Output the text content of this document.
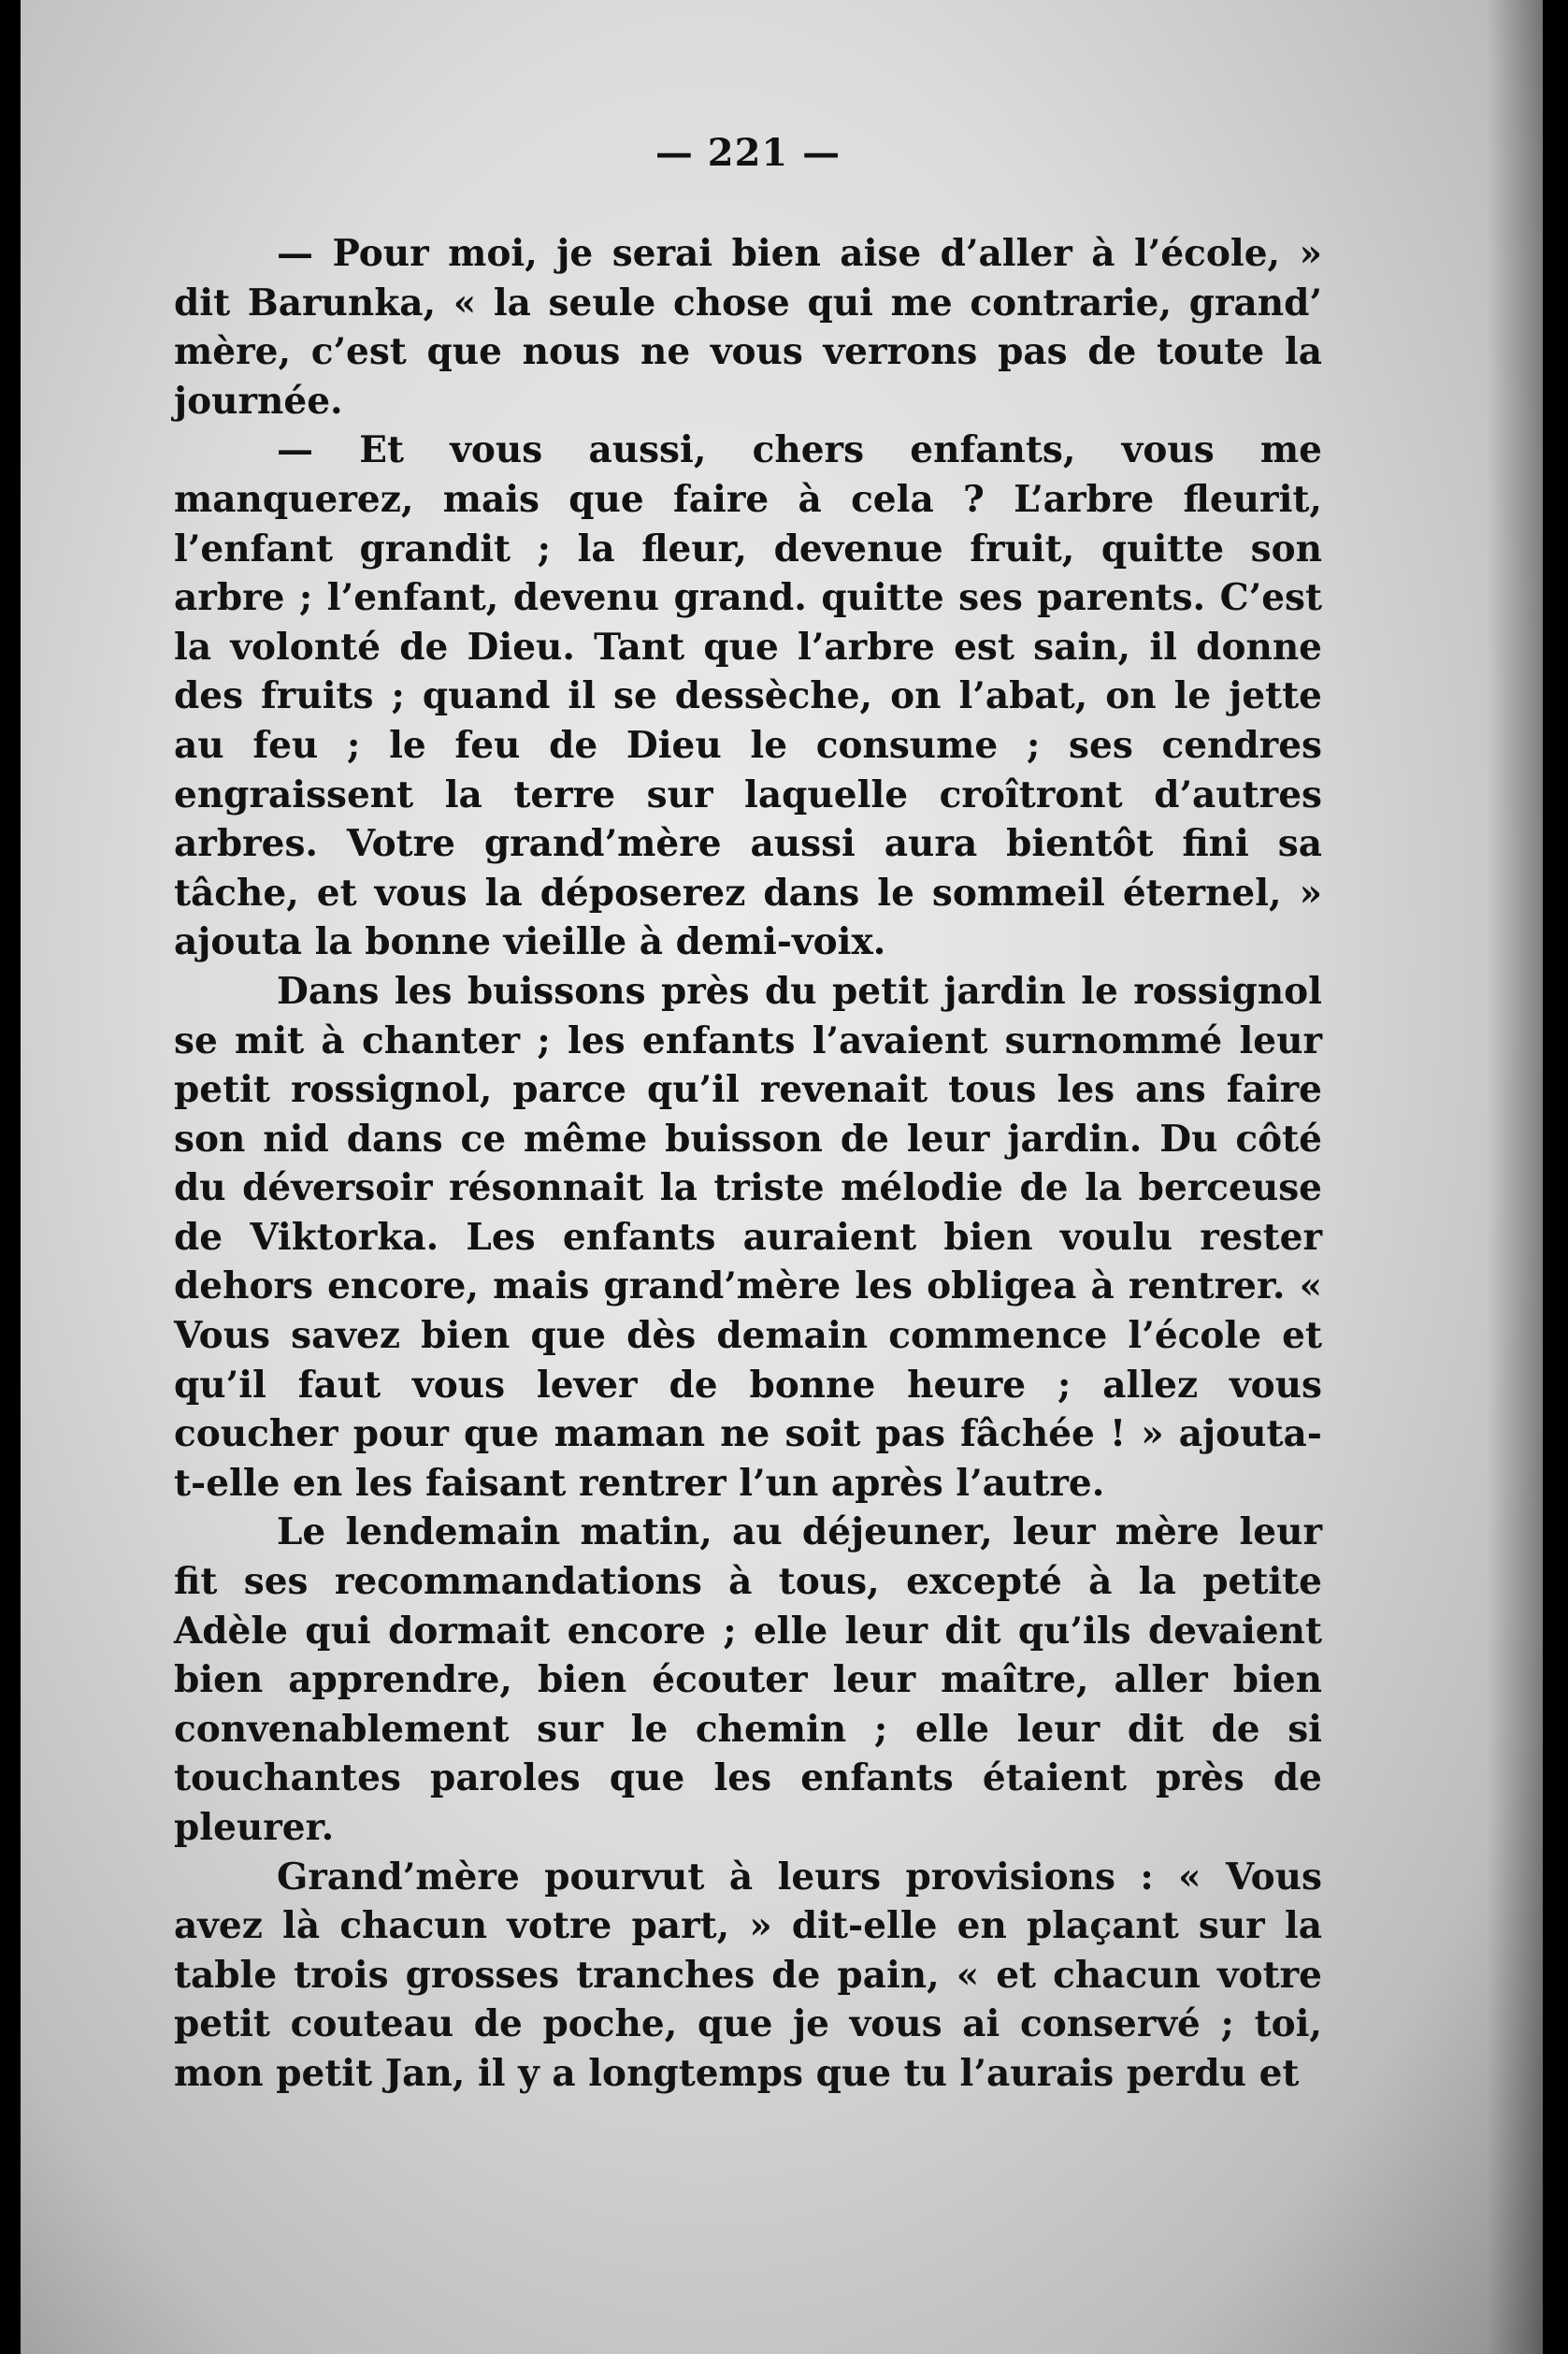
— 221 —

— Pour moi, je serai bien aise d’aller à l’école, » dit Barunka, « la seule chose qui me contrarie, grand’ mère, c’est que nous ne vous verrons pas de toute la journée.

— Et vous aussi, chers enfants, vous me manquerez, mais que faire à cela ? L’arbre fleurit, l’enfant grandit ; la fleur, devenue fruit, quitte son arbre ; l’enfant, devenu grand. quitte ses parents. C’est la volonté de Dieu. Tant que l’arbre est sain, il donne des fruits ; quand il se dessèche, on l’abat, on le jette au feu ; le feu de Dieu le consume ; ses cendres engraissent la terre sur laquelle croîtront d’autres arbres. Votre grand’mère aussi aura bientôt fini sa tâche, et vous la déposerez dans le sommeil éternel, » ajouta la bonne vieille à demi-voix.

Dans les buissons près du petit jardin le rossignol se mit à chanter ; les enfants l’avaient surnommé leur petit rossignol, parce qu’il revenait tous les ans faire son nid dans ce même buisson de leur jardin. Du côté du déversoir résonnait la triste mélodie de la berceuse de Viktorka. Les enfants auraient bien voulu rester dehors encore, mais grand’mère les obligea à rentrer. « Vous savez bien que dès demain commence l’école et qu’il faut vous lever de bonne heure ; allez vous coucher pour que maman ne soit pas fâchée ! » ajouta-t-elle en les faisant rentrer l’un après l’autre.

Le lendemain matin, au déjeuner, leur mère leur fit ses recommandations à tous, excepté à la petite Adèle qui dormait encore ; elle leur dit qu’ils devaient bien apprendre, bien écouter leur maître, aller bien convenablement sur le chemin ; elle leur dit de si touchantes paroles que les enfants étaient près de pleurer.

Grand’mère pourvut à leurs provisions : « Vous avez là chacun votre part, » dit-elle en plaçant sur la table trois grosses tranches de pain, « et chacun votre petit couteau de poche, que je vous ai conservé ; toi, mon petit Jan, il y a longtemps que tu l’aurais perdu et
